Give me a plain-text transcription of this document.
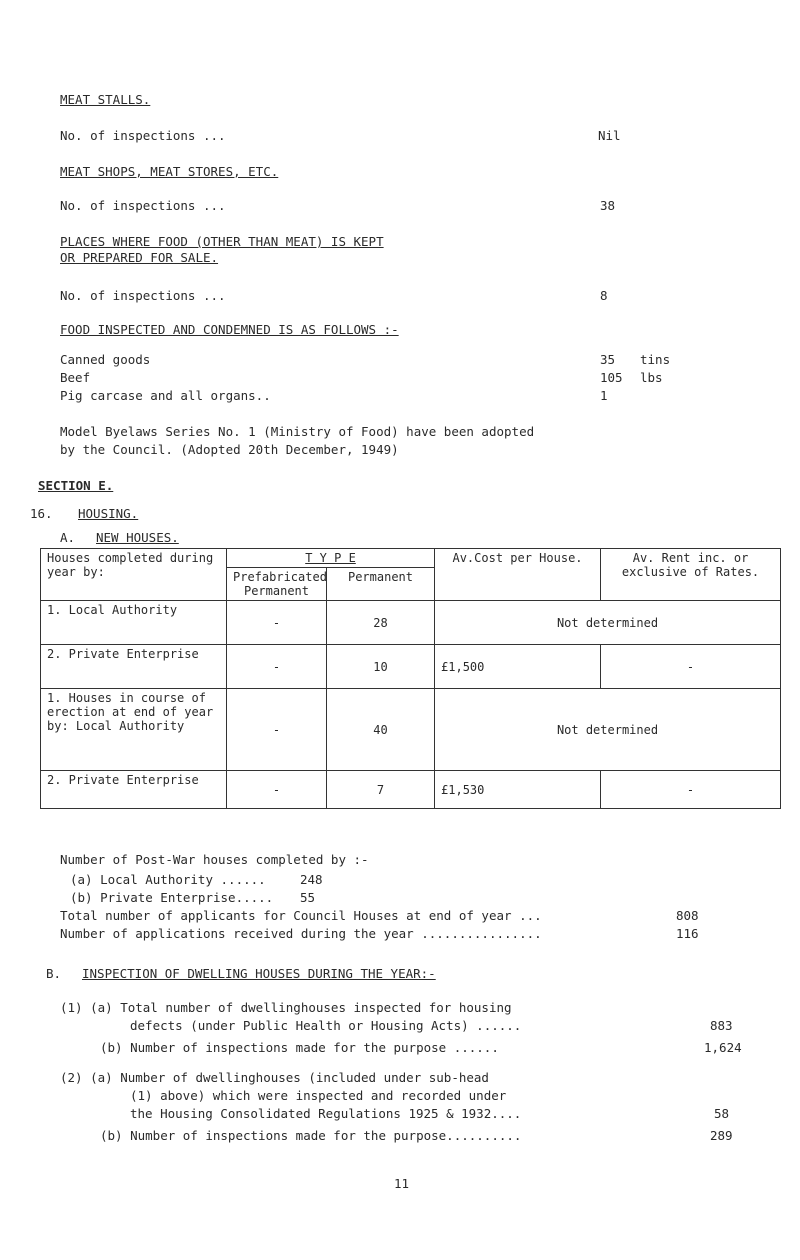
MEAT STALLS.
No. of inspections ...	Nil
MEAT SHOPS, MEAT STORES, ETC.
No. of inspections ...	38
PLACES WHERE FOOD (OTHER THAN MEAT) IS KEPT
OR PREPARED FOR SALE.
No. of inspections ...	8
FOOD INSPECTED AND CONDEMNED IS AS FOLLOWS :-
Canned goods	35 tins
Beef	105 lbs
Pig carcase and all organs..	1
Model Byelaws Series No. 1 (Ministry of Food) have been adopted
by the Council. (Adopted 20th December, 1949)
SECTION E.
16. HOUSING.
A. NEW HOUSES.
Houses completed during year by:	T Y P E		Av.Cost per House.	Av. Rent inc. or exclusive of Rates.
	Prefabricated Permanent	Permanent		
1. Local Authority	-	28	Not determined	
2. Private Enterprise	-	10	£1,500	-
1. Houses in course of erection at end of year by: Local Authority	-	40	Not determined	
2. Private Enterprise	-	7	£1,530	-
Number of Post-War houses completed by :-
(a) Local Authority ......	248
(b) Private Enterprise..... 55
Total number of applicants for Council Houses at end of year ...	808
Number of applications received during the year ................	116
B. INSPECTION OF DWELLING HOUSES DURING THE YEAR:-
(1) (a) Total number of dwellinghouses inspected for housing
defects (under Public Health or Housing Acts) ......	883
(b) Number of inspections made for the purpose ......	1,624
(2) (a) Number of dwellinghouses (included under sub-head
(1) above) which were inspected and recorded under
the Housing Consolidated Regulations 1925 & 1932....	58
(b) Number of inspections made for the purpose..........	289
11
